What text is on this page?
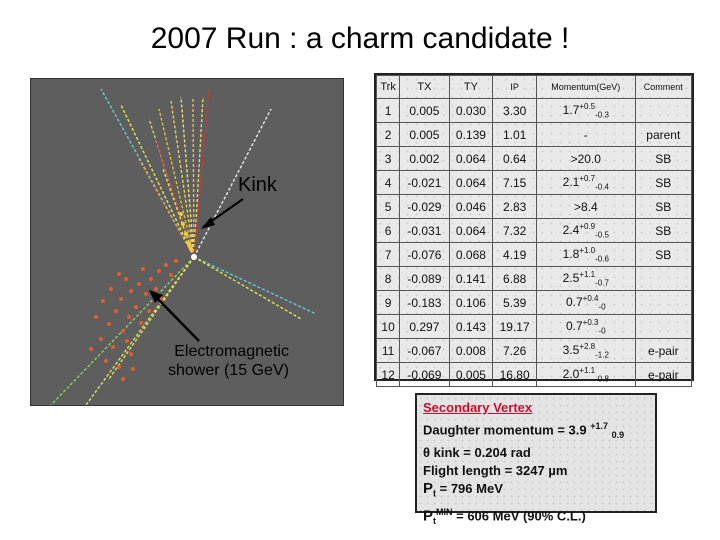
2007 Run : a charm candidate !
Kink
Electromagnetic
shower (15 GeV)
Trk	TX	TY	IP	Momentum(GeV)	Comment
1	0.005	0.030	3.30	$1.7^{+0.5}_{-0.3}$	
2	0.005	0.139	1.01	-	parent
3	0.002	0.064	0.64	>20.0	SB
4	-0.021	0.064	7.15	$2.1^{+0.7}_{-0.4}$	SB
5	-0.029	0.046	2.83	>8.4	SB
6	-0.031	0.064	7.32	$2.4^{+0.9}_{-0.5}$	SB
7	-0.076	0.068	4.19	$1.8^{+1.0}_{-0.6}$	SB
8	-0.089	0.141	6.88	$2.5^{+1.1}_{-0.7}$	
9	-0.183	0.106	5.39	$0.7^{+0.4}_{-0}$	
10	0.297	0.143	19.17	$0.7^{+0.3}_{-0}$	
11	-0.067	0.008	7.26	$3.5^{+2.8}_{-1.2}$	e-pair
12	-0.069	0.005	16.80	$2.0^{+1.1}_{-0.8}$	e-pair
Secondary Vertex
Daughter momentum = 3.9 $^{+1.7}$ $_{0.9}$
θ kink = 0.204 rad
Flight length = 3247 µm
$P_t = 796$ MeV
$P_t^{MIN} = 606$ MeV (90% C.L.)
